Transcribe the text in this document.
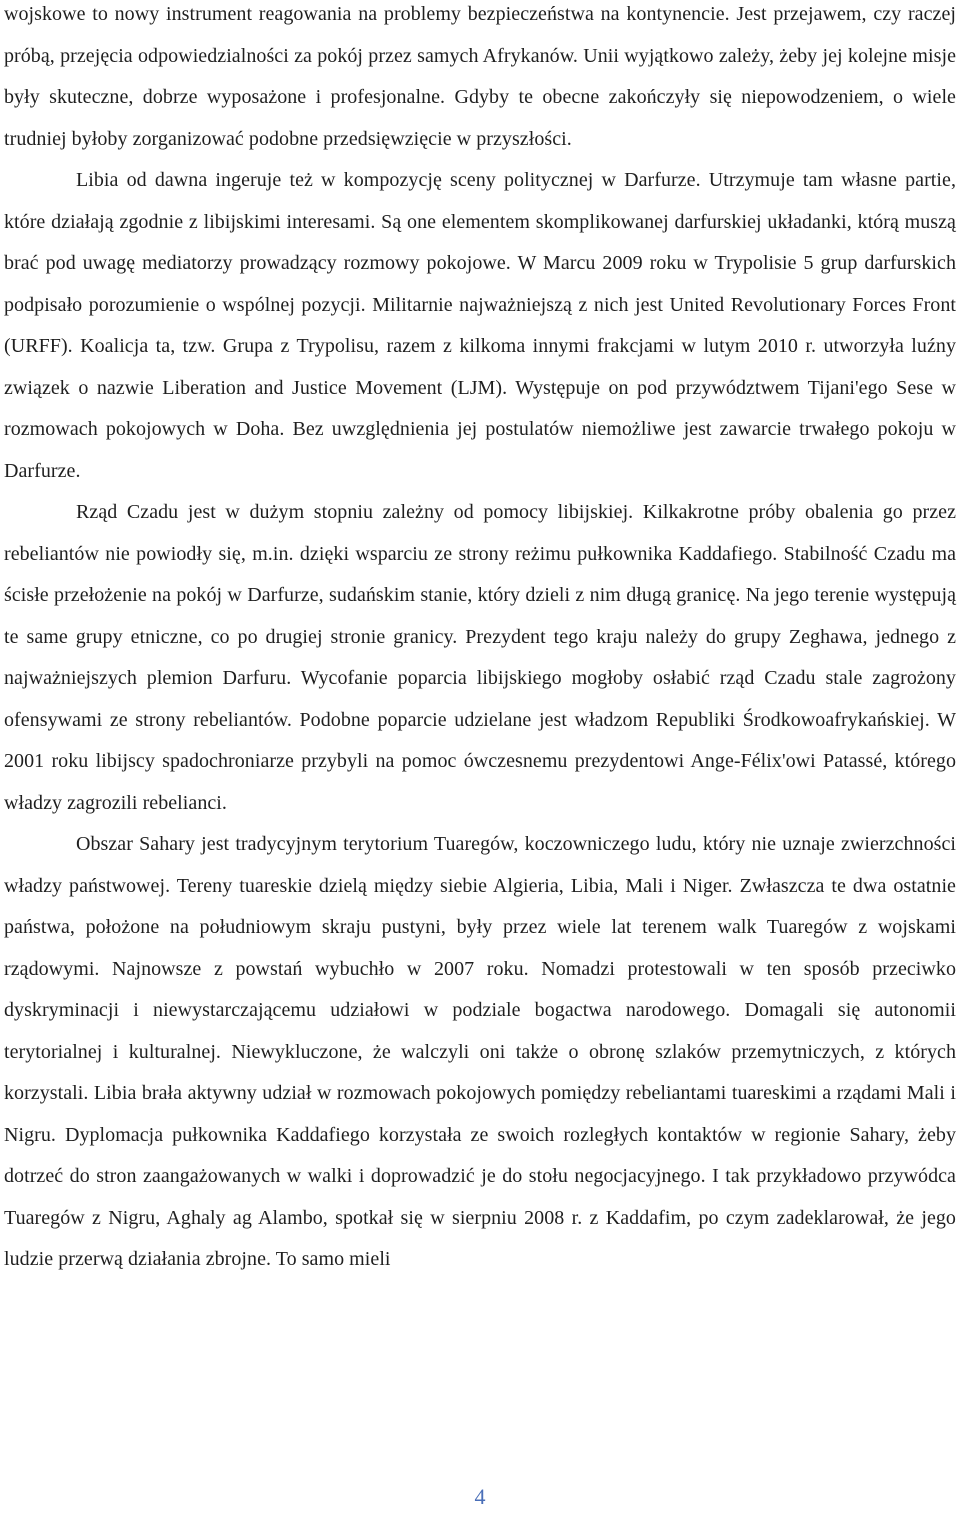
wojskowe to nowy instrument reagowania na problemy bezpieczeństwa na kontynencie. Jest przejawem, czy raczej próbą, przejęcia odpowiedzialności za pokój przez samych Afrykanów. Unii wyjątkowo zależy, żeby jej kolejne misje były skuteczne, dobrze wyposażone i profesjonalne. Gdyby te obecne zakończyły się niepowodzeniem, o wiele trudniej byłoby zorganizować podobne przedsięwzięcie w przyszłości.

Libia od dawna ingeruje też w kompozycję sceny politycznej w Darfurze. Utrzymuje tam własne partie, które działają zgodnie z libijskimi interesami. Są one elementem skomplikowanej darfurskiej układanki, którą muszą brać pod uwagę mediatorzy prowadzący rozmowy pokojowe. W Marcu 2009 roku w Trypolisie 5 grup darfurskich podpisało porozumienie o wspólnej pozycji. Militarnie najważniejszą z nich jest United Revolutionary Forces Front (URFF). Koalicja ta, tzw. Grupa z Trypolisu, razem z kilkoma innymi frakcjami w lutym 2010 r. utworzyła luźny związek o nazwie Liberation and Justice Movement (LJM). Występuje on pod przywództwem Tijani'ego Sese w rozmowach pokojowych w Doha. Bez uwzględnienia jej postulatów niemożliwe jest zawarcie trwałego pokoju w Darfurze.

Rząd Czadu jest w dużym stopniu zależny od pomocy libijskiej. Kilkakrotne próby obalenia go przez rebeliantów nie powiodły się, m.in. dzięki wsparciu ze strony reżimu pułkownika Kaddafiego. Stabilność Czadu ma ścisłe przełożenie na pokój w Darfurze, sudańskim stanie, który dzieli z nim długą granicę. Na jego terenie występują te same grupy etniczne, co po drugiej stronie granicy. Prezydent tego kraju należy do grupy Zeghawa, jednego z najważniejszych plemion Darfuru. Wycofanie poparcia libijskiego mogłoby osłabić rząd Czadu stale zagrożony ofensywami ze strony rebeliantów. Podobne poparcie udzielane jest władzom Republiki Środkowoafrykańskiej. W 2001 roku libijscy spadochroniarze przybyli na pomoc ówczesnemu prezydentowi Ange-Félix'owi Patassé, którego władzy zagrozili rebelianci.

Obszar Sahary jest tradycyjnym terytorium Tuaregów, koczowniczego ludu, który nie uznaje zwierzchności władzy państwowej. Tereny tuareskie dzielą między siebie Algieria, Libia, Mali i Niger. Zwłaszcza te dwa ostatnie państwa, położone na południowym skraju pustyni, były przez wiele lat terenem walk Tuaregów z wojskami rządowymi. Najnowsze z powstań wybuchło w 2007 roku. Nomadzi protestowali w ten sposób przeciwko dyskryminacji i niewystarczającemu udziałowi w podziale bogactwa narodowego. Domagali się autonomii terytorialnej i kulturalnej. Niewykluczone, że walczyli oni także o obronę szlaków przemytniczych, z których korzystali. Libia brała aktywny udział w rozmowach pokojowych pomiędzy rebeliantami tuareskimi a rządami Mali i Nigru. Dyplomacja pułkownika Kaddafiego korzystała ze swoich rozległych kontaktów w regionie Sahary, żeby dotrzeć do stron zaangażowanych w walki i doprowadzić je do stołu negocjacyjnego. I tak przykładowo przywódca Tuaregów z Nigru, Aghaly ag Alambo, spotkał się w sierpniu 2008 r. z Kaddafim, po czym zadeklarował, że jego ludzie przerwą działania zbrojne. To samo mieli

4
